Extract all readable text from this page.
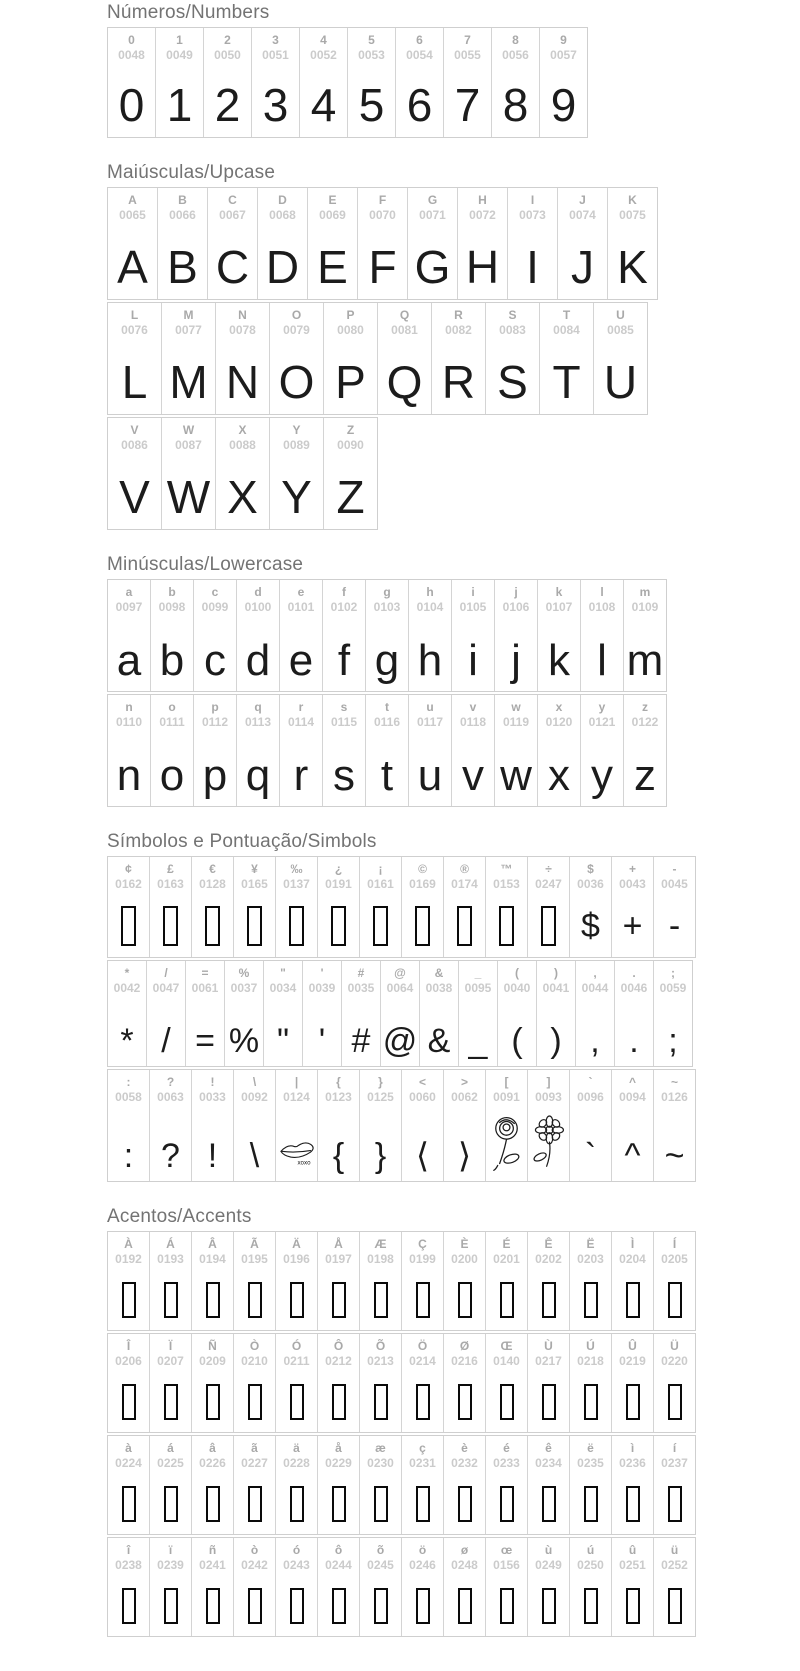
Números/Numbers
0
0048
0
1
0049
1
2
0050
2
3
0051
3
4
0052
4
5
0053
5
6
0054
6
7
0055
7
8
0056
8
9
0057
9
Maiúsculas/Upcase
A
0065
A
B
0066
B
C
0067
C
D
0068
D
E
0069
E
F
0070
F
G
0071
G
H
0072
H
I
0073
I
J
0074
J
K
0075
K
L
0076
L
M
0077
M
N
0078
N
O
0079
O
P
0080
P
Q
0081
Q
R
0082
R
S
0083
S
T
0084
T
U
0085
U
V
0086
V
W
0087
W
X
0088
X
Y
0089
Y
Z
0090
Z
Minúsculas/Lowercase
a
0097
a
b
0098
b
c
0099
c
d
0100
d
e
0101
e
f
0102
f
g
0103
g
h
0104
h
i
0105
i
j
0106
j
k
0107
k
l
0108
l
m
0109
m
n
0110
n
o
0111
o
p
0112
p
q
0113
q
r
0114
r
s
0115
s
t
0116
t
u
0117
u
v
0118
v
w
0119
w
x
0120
x
y
0121
y
z
0122
z
Símbolos e Pontuação/Simbols
¢
0162
£
0163
€
0128
¥
0165
‰
0137
¿
0191
¡
0161
©
0169
®
0174
™
0153
÷
0247
$
0036
$
+
0043
+
-
0045
-
*
0042
*
/
0047
/
=
0061
=
%
0037
%
"
0034
"
'
0039
'
#
0035
#
@
0064
@
&
0038
&
_
0095
_
(
0040
(
)
0041
)
,
0044
,
.
0046
.
;
0059
;
:
0058
:
?
0063
?
!
0033
!
\
0092
\
|
0124
xoxo
{
0123
{
}
0125
}
<
0060
⟨
>
0062
⟩
[
0091
]
0093
`
0096
`
^
0094
^
~
0126
~
Acentos/Accents
À
0192
Á
0193
Â
0194
Ã
0195
Ä
0196
Å
0197
Æ
0198
Ç
0199
È
0200
É
0201
Ê
0202
Ë
0203
Ì
0204
Í
0205
Î
0206
Ï
0207
Ñ
0209
Ò
0210
Ó
0211
Ô
0212
Õ
0213
Ö
0214
Ø
0216
Œ
0140
Ù
0217
Ú
0218
Û
0219
Ü
0220
à
0224
á
0225
â
0226
ã
0227
ä
0228
å
0229
æ
0230
ç
0231
è
0232
é
0233
ê
0234
ë
0235
ì
0236
í
0237
î
0238
ï
0239
ñ
0241
ò
0242
ó
0243
ô
0244
õ
0245
ö
0246
ø
0248
œ
0156
ù
0249
ú
0250
û
0251
ü
0252
